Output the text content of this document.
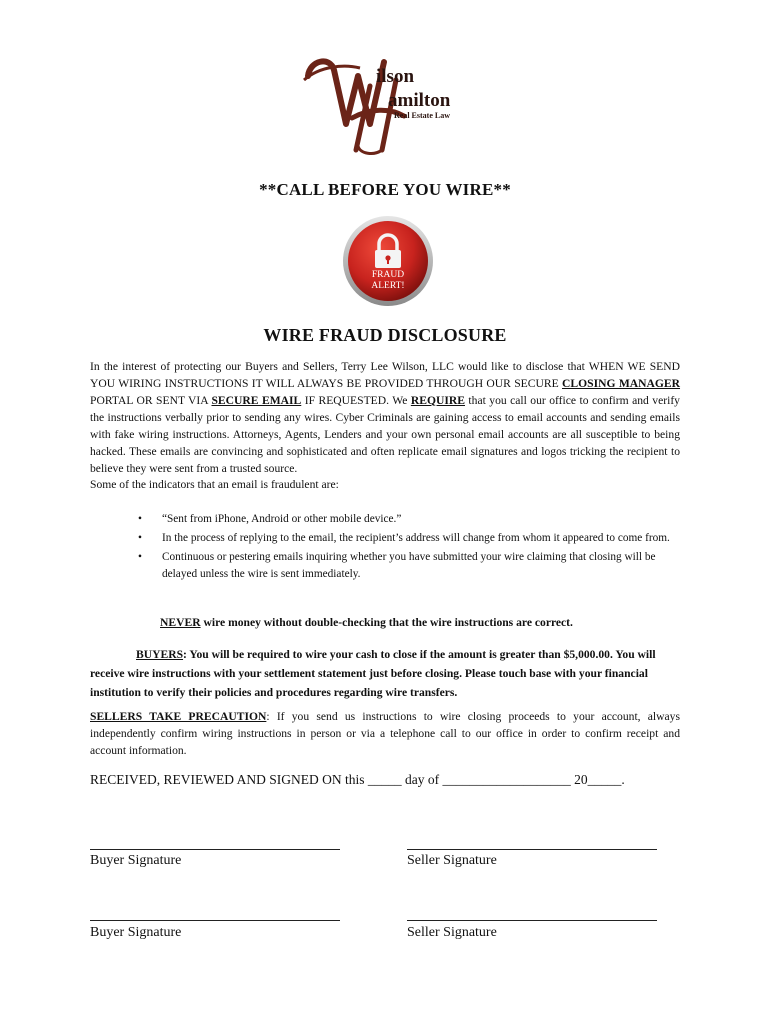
ilson
amilton
Real Estate Law
**CALL BEFORE YOU WIRE**
FRAUD
ALERT!
WIRE FRAUD DISCLOSURE
In the interest of protecting our Buyers and Sellers, Terry Lee Wilson, LLC would like to disclose that WHEN WE SEND YOU WIRING INSTRUCTIONS IT WILL ALWAYS BE PROVIDED THROUGH OUR SECURE CLOSING MANAGER PORTAL OR SENT VIA SECURE EMAIL IF REQUESTED. We REQUIRE that you call our office to confirm and verify the instructions verbally prior to sending any wires. Cyber Criminals are gaining access to email accounts and sending emails with fake wiring instructions. Attorneys, Agents, Lenders and your own personal email accounts are all susceptible to being hacked. These emails are convincing and sophisticated and often replicate email signatures and logos tricking the recipient to believe they were sent from a trusted source.
Some of the indicators that an email is fraudulent are:
• “Sent from iPhone, Android or other mobile device.”
• In the process of replying to the email, the recipient’s address will change from whom it appeared to come from.
• Continuous or pestering emails inquiring whether you have submitted your wire claiming that closing will be delayed unless the wire is sent immediately.
NEVER wire money without double-checking that the wire instructions are correct.
BUYERS: You will be required to wire your cash to close if the amount is greater than $5,000.00. You will receive wire instructions with your settlement statement just before closing. Please touch base with your financial institution to verify their policies and procedures regarding wire transfers.
SELLERS TAKE PRECAUTION: If you send us instructions to wire closing proceeds to your account, always independently confirm wiring instructions in person or via a telephone call to our office in order to confirm receipt and account information.
RECEIVED, REVIEWED AND SIGNED ON this _____ day of ___________________ 20_____.
Buyer Signature	Seller Signature
Buyer Signature	Seller Signature
